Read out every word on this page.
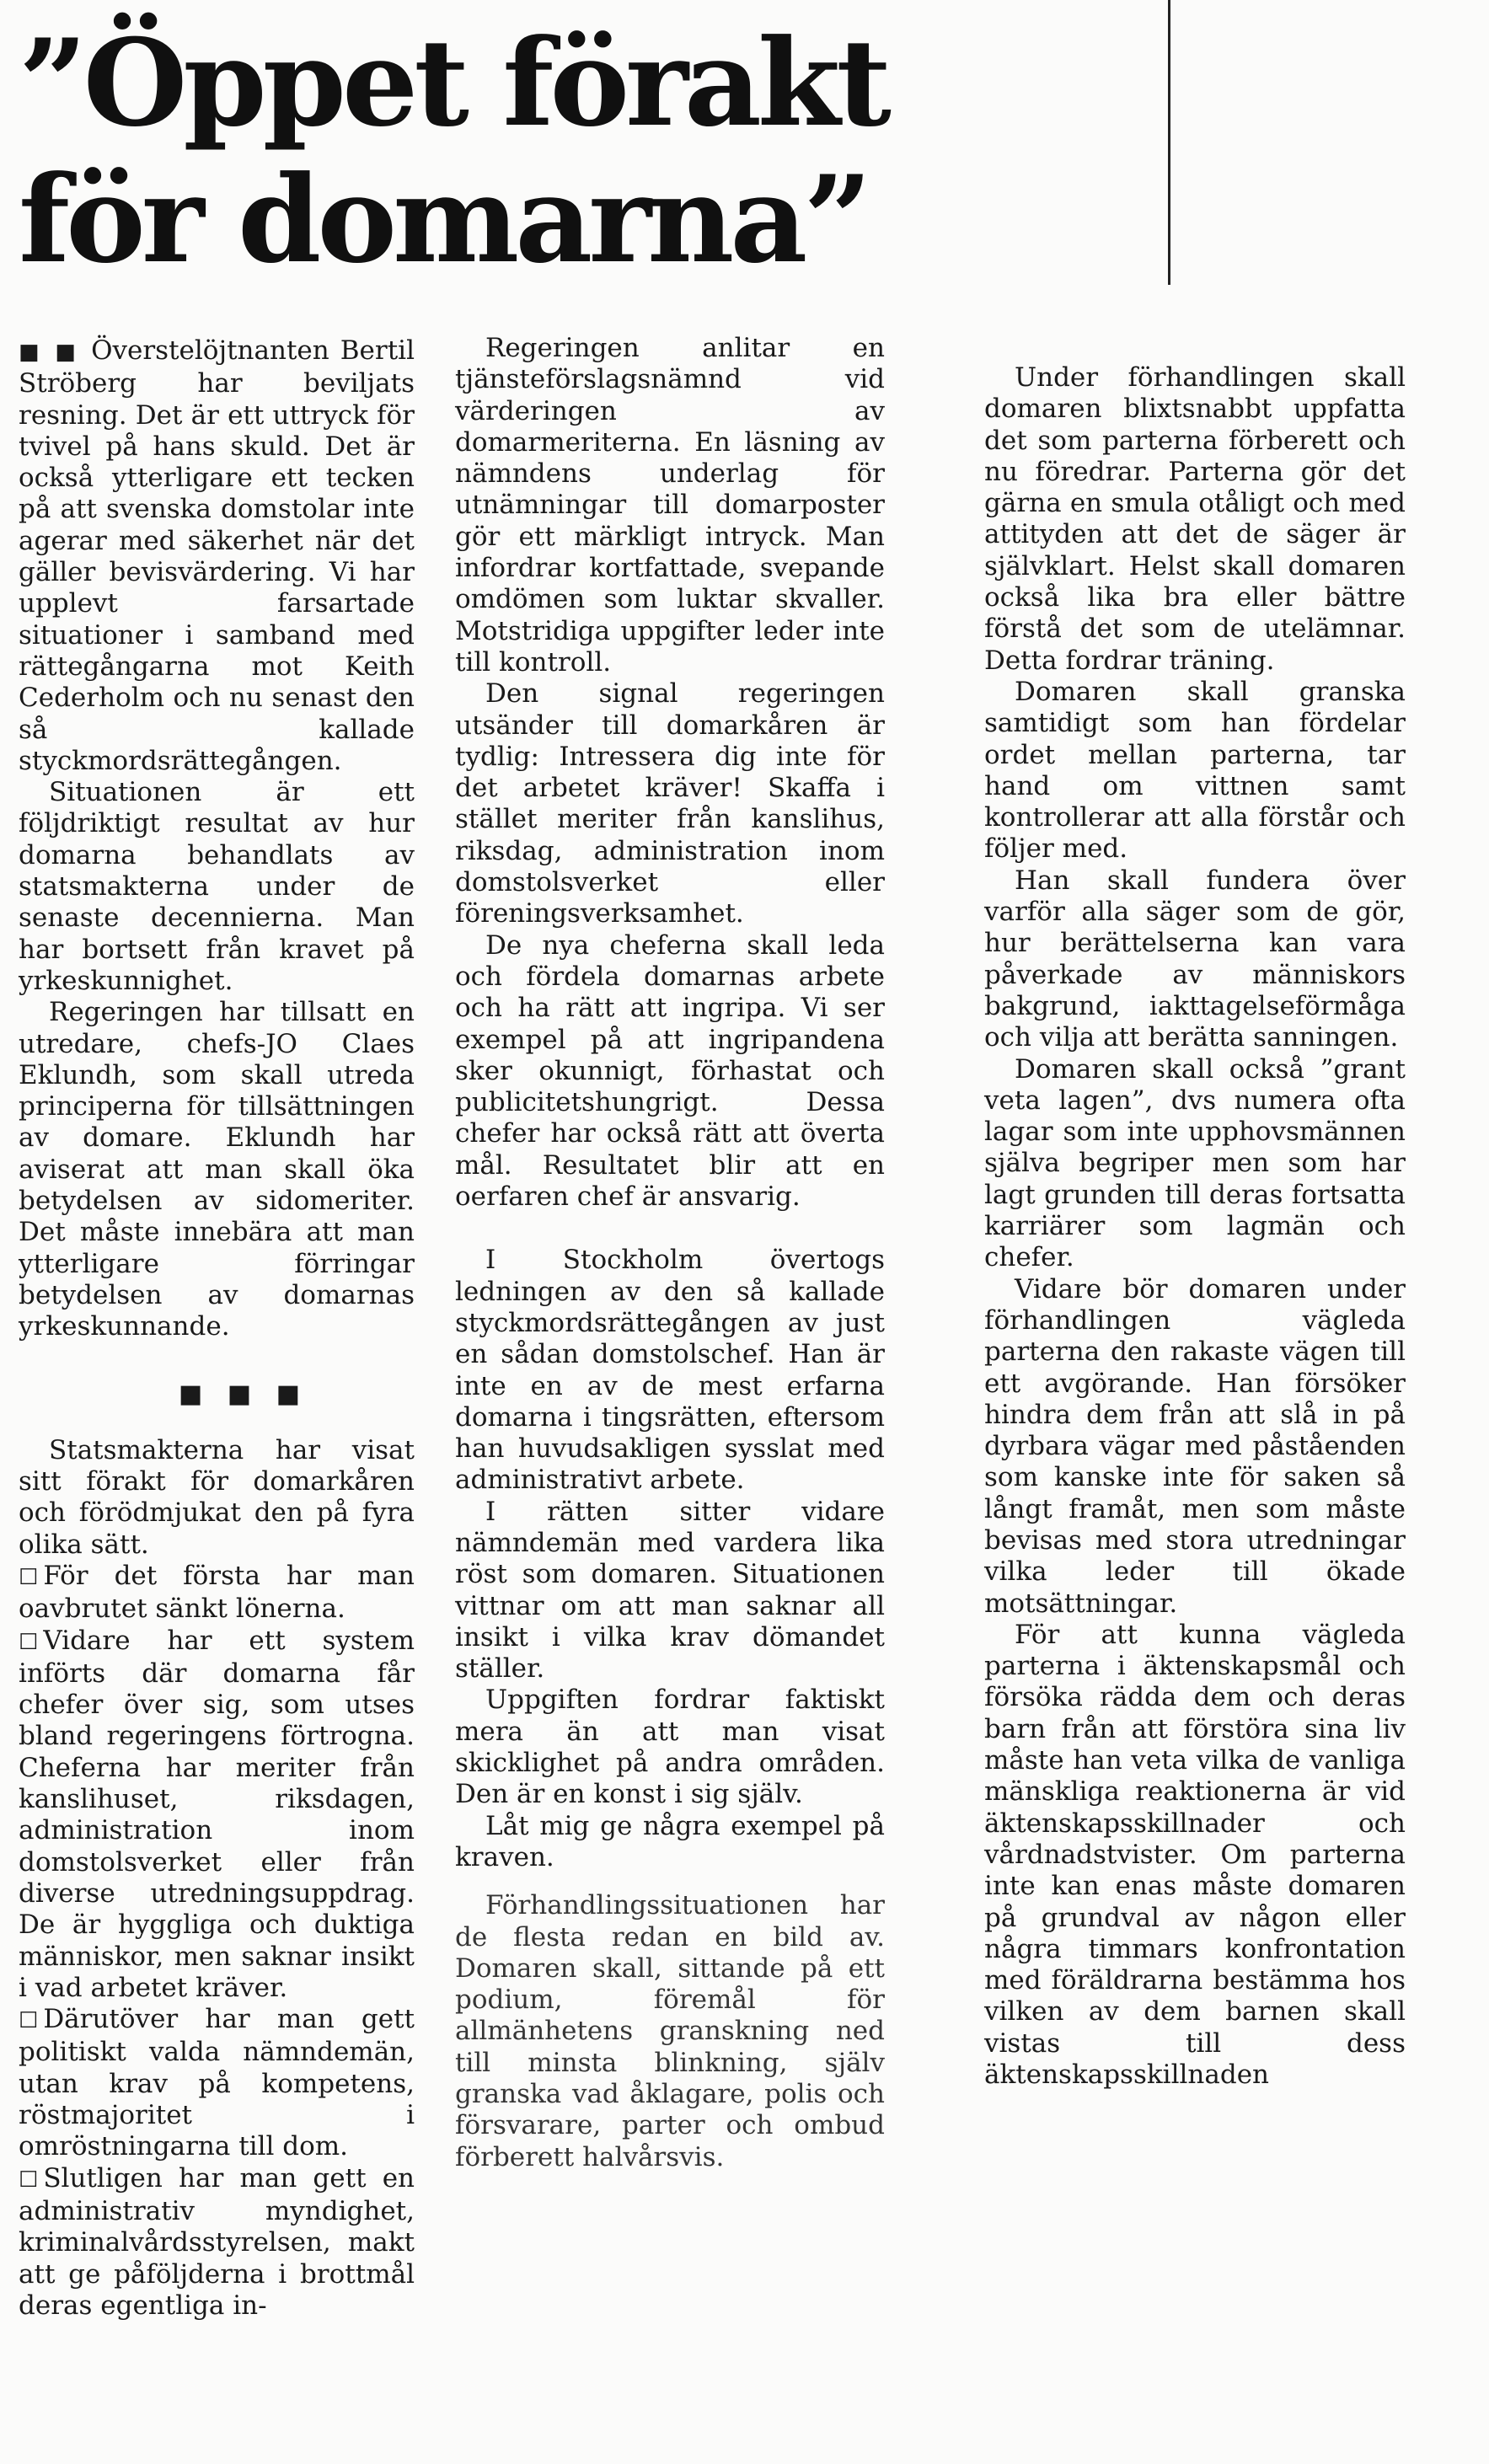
”Öppet förakt
för domarna”

■ ■ Överstelöjtnanten Bertil Ströberg har beviljats resning. Det är ett uttryck för tvivel på hans skuld. Det är också ytterligare ett tecken på att svenska domstolar inte agerar med säkerhet när det gäller bevisvärdering. Vi har upplevt farsartade situationer i samband med rättegångarna mot Keith Cederholm och nu senast den så kallade styckmordsrättegången.

Situationen är ett följdriktigt resultat av hur domarna behandlats av statsmakterna under de senaste decennierna. Man har bortsett från kravet på yrkeskunnighet.

Regeringen har tillsatt en utredare, chefs-JO Claes Eklundh, som skall utreda principerna för tillsättningen av domare. Eklundh har aviserat att man skall öka betydelsen av sidomeriter. Det måste innebära att man ytterligare förringar betydelsen av domarnas yrkeskunnande.

■ ■ ■

Statsmakterna har visat sitt förakt för domarkåren och förödmjukat den på fyra olika sätt.

☐ För det första har man oavbrutet sänkt lönerna.

☐ Vidare har ett system införts där domarna får chefer över sig, som utses bland regeringens förtrogna. Cheferna har meriter från kanslihuset, riksdagen, administration inom domstolsverket eller från diverse utredningsuppdrag. De är hyggliga och duktiga människor, men saknar insikt i vad arbetet kräver.

☐ Därutöver har man gett politiskt valda nämndemän, utan krav på kompetens, röstmajoritet i omröstningarna till dom.

☐ Slutligen har man gett en administrativ myndighet, kriminalvårdsstyrelsen, makt att ge påföljderna i brottmål deras egentliga in-

Regeringen anlitar en tjänsteförslagsnämnd vid värderingen av domarmeriterna. En läsning av nämndens underlag för utnämningar till domarposter gör ett märkligt intryck. Man infordrar kortfattade, svepande omdömen som luktar skvaller. Motstridiga uppgifter leder inte till kontroll.

Den signal regeringen utsänder till domarkåren är tydlig: Intressera dig inte för det arbetet kräver! Skaffa i stället meriter från kanslihus, riksdag, administration inom domstolsverket eller föreningsverksamhet.

De nya cheferna skall leda och fördela domarnas arbete och ha rätt att ingripa. Vi ser exempel på att ingripandena sker okunnigt, förhastat och publicitetshungrigt. Dessa chefer har också rätt att överta mål. Resultatet blir att en oerfaren chef är ansvarig.

I Stockholm övertogs ledningen av den så kallade styckmordsrättegången av just en sådan domstolschef. Han är inte en av de mest erfarna domarna i tingsrätten, eftersom han huvudsakligen sysslat med administrativt arbete.

I rätten sitter vidare nämndemän med vardera lika röst som domaren. Situationen vittnar om att man saknar all insikt i vilka krav dömandet ställer.

Uppgiften fordrar faktiskt mera än att man visat skicklighet på andra områden. Den är en konst i sig själv.

Låt mig ge några exempel på kraven.

Förhandlingssituationen har de flesta redan en bild av. Domaren skall, sittande på ett podium, föremål för allmänhetens granskning ned till minsta blinkning, själv granska vad åklagare, polis och försvarare, parter och ombud förberett halvårsvis.

Under förhandlingen skall domaren blixtsnabbt uppfatta det som parterna förberett och nu föredrar. Parterna gör det gärna en smula otåligt och med attityden att det de säger är självklart. Helst skall domaren också lika bra eller bättre förstå det som de utelämnar. Detta fordrar träning.

Domaren skall granska samtidigt som han fördelar ordet mellan parterna, tar hand om vittnen samt kontrollerar att alla förstår och följer med.

Han skall fundera över varför alla säger som de gör, hur berättelserna kan vara påverkade av människors bakgrund, iakttagelseförmåga och vilja att berätta sanningen.

Domaren skall också ”grant veta lagen”, dvs numera ofta lagar som inte upphovsmännen själva begriper men som har lagt grunden till deras fortsatta karriärer som lagmän och chefer.

Vidare bör domaren under förhandlingen vägleda parterna den rakaste vägen till ett avgörande. Han försöker hindra dem från att slå in på dyrbara vägar med påståenden som kanske inte för saken så långt framåt, men som måste bevisas med stora utredningar vilka leder till ökade motsättningar.

För att kunna vägleda parterna i äktenskapsmål och försöka rädda dem och deras barn från att förstöra sina liv måste han veta vilka de vanliga mänskliga reaktionerna är vid äktenskapsskillnader och vårdnadstvister. Om parterna inte kan enas måste domaren på grundval av någon eller några timmars konfrontation med föräldrarna bestämma hos vilken av dem barnen skall vistas till dess äktenskapsskillnaden
